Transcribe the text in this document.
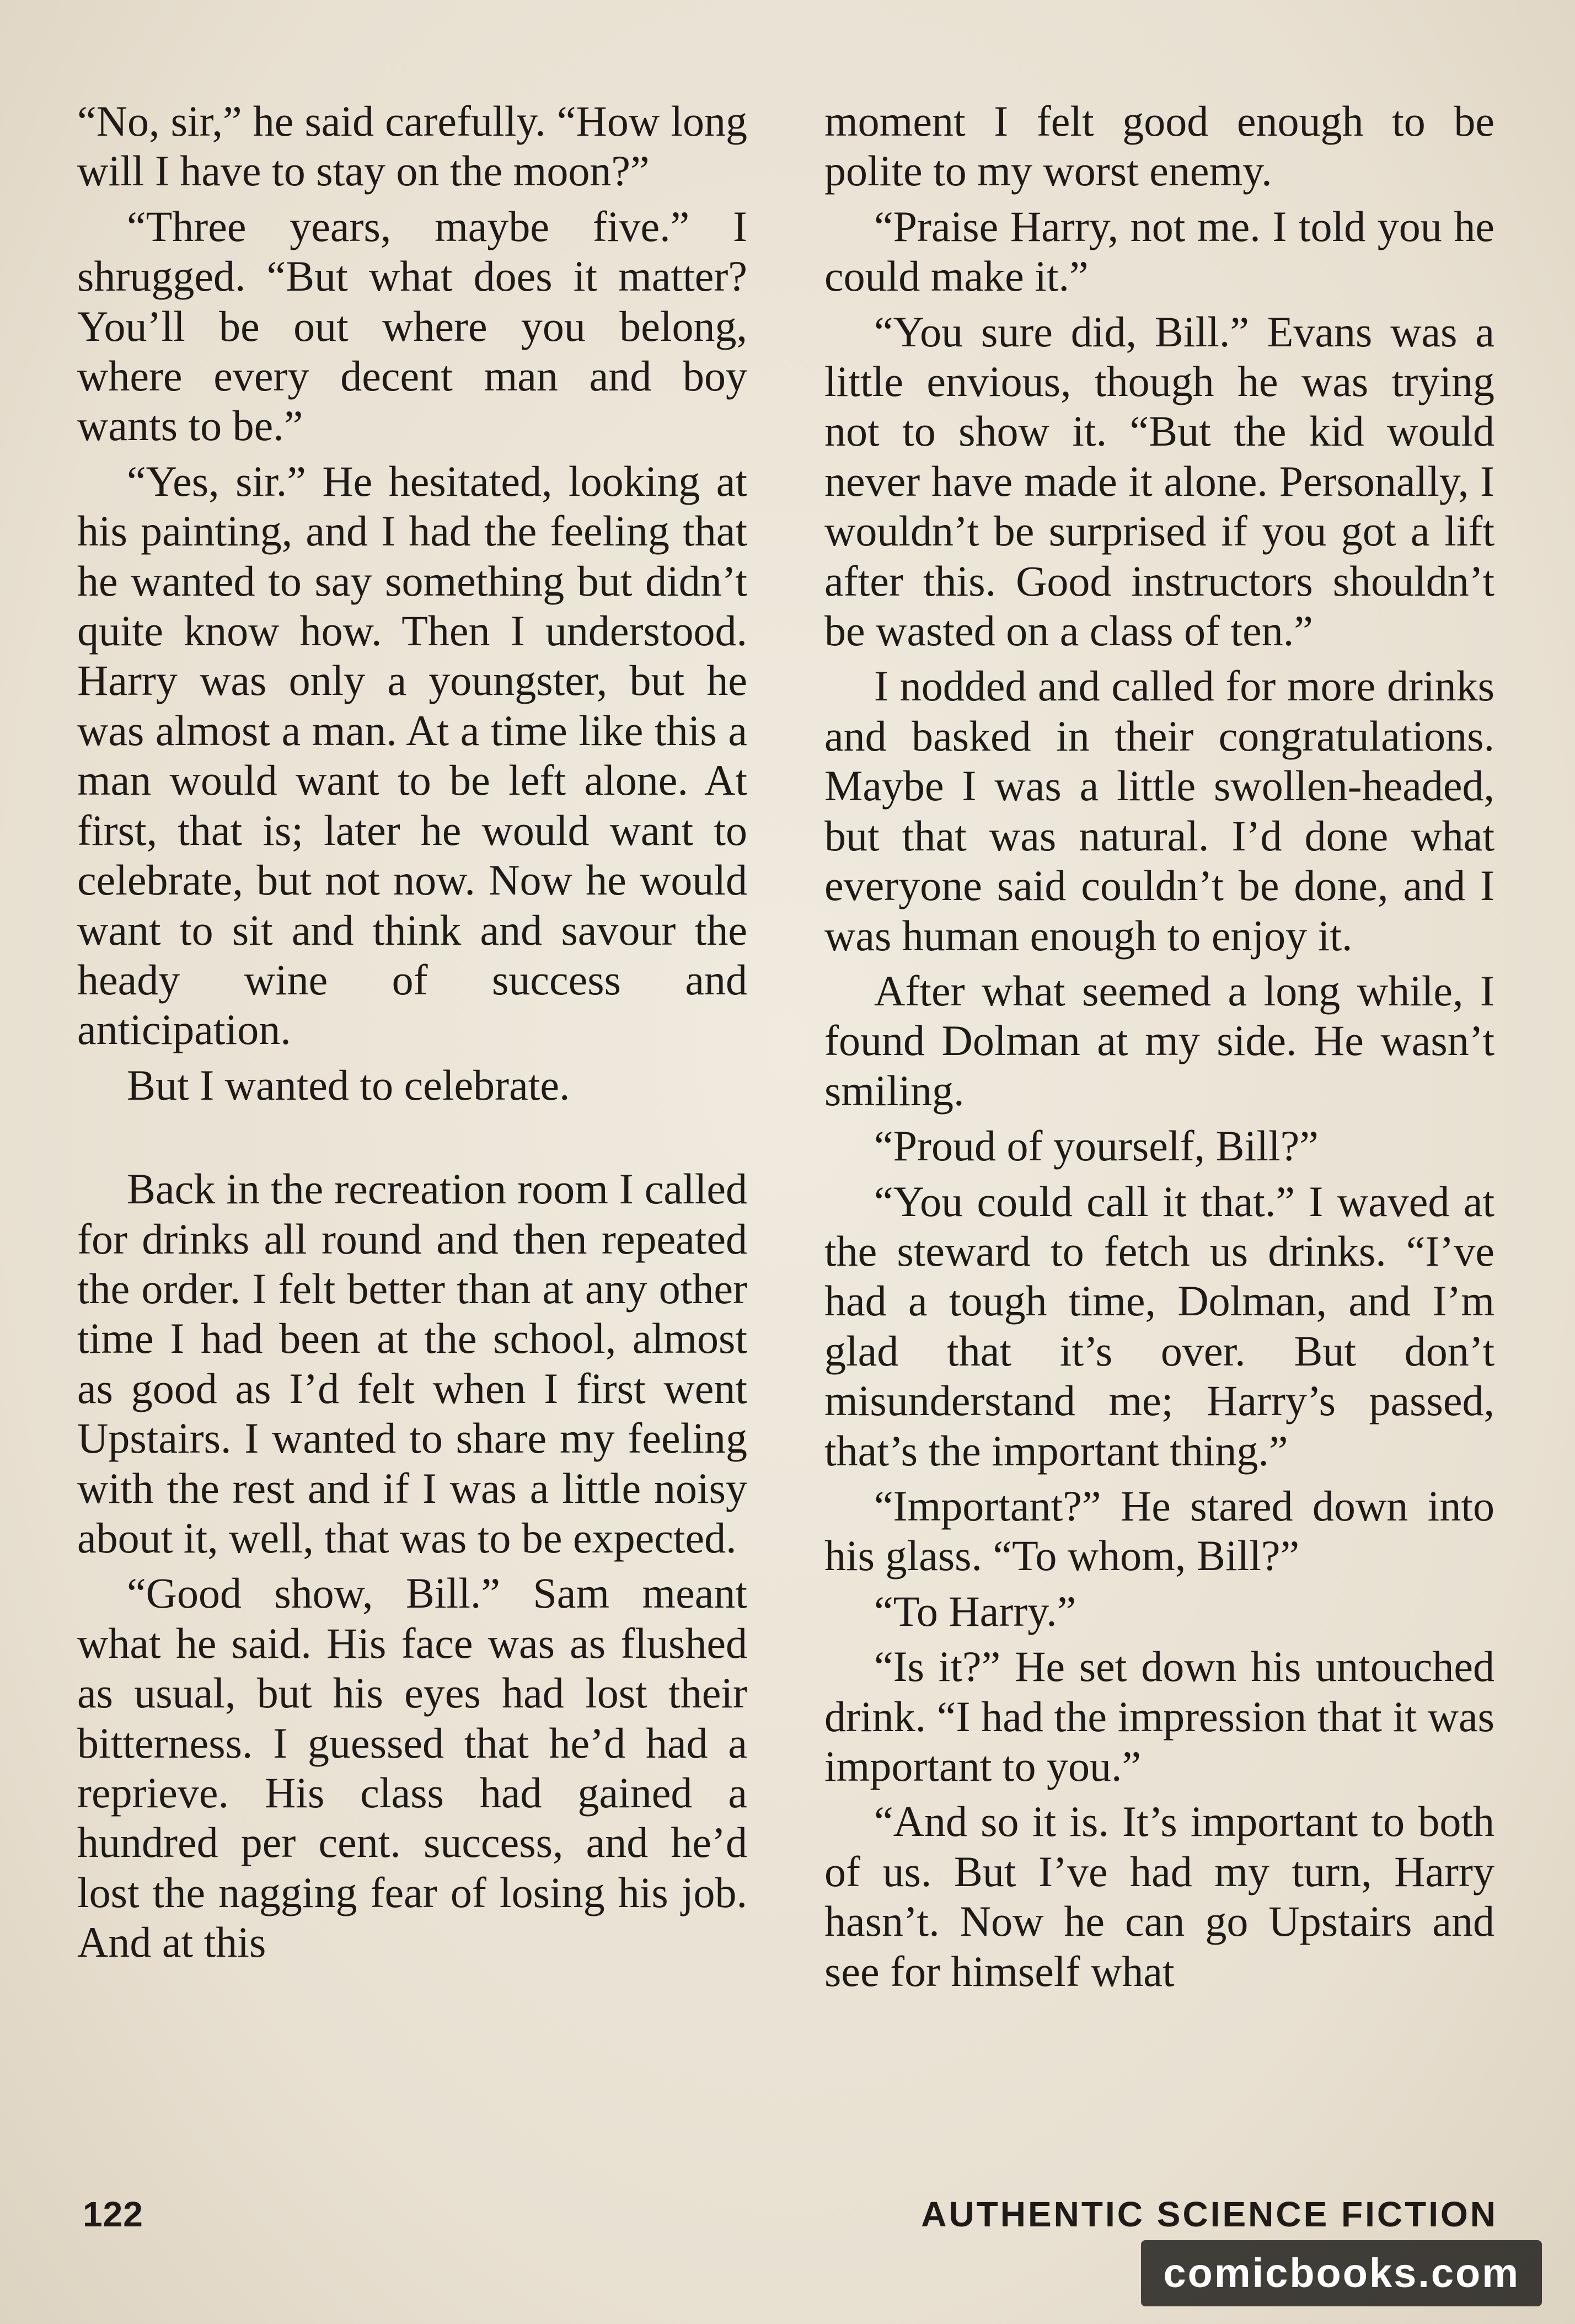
“No, sir,” he said carefully. “How long will I have to stay on the moon?”

“Three years, maybe five.” I shrugged. “But what does it matter? You’ll be out where you belong, where every decent man and boy wants to be.”

“Yes, sir.” He hesitated, looking at his painting, and I had the feeling that he wanted to say something but didn’t quite know how. Then I understood. Harry was only a youngster, but he was almost a man. At a time like this a man would want to be left alone. At first, that is; later he would want to celebrate, but not now. Now he would want to sit and think and savour the heady wine of success and anticipation.

But I wanted to celebrate.

Back in the recreation room I called for drinks all round and then repeated the order. I felt better than at any other time I had been at the school, almost as good as I’d felt when I first went Upstairs. I wanted to share my feeling with the rest and if I was a little noisy about it, well, that was to be expected.

“Good show, Bill.” Sam meant what he said. His face was as flushed as usual, but his eyes had lost their bitterness. I guessed that he’d had a reprieve. His class had gained a hundred per cent. success, and he’d lost the nagging fear of losing his job. And at this

moment I felt good enough to be polite to my worst enemy.

“Praise Harry, not me. I told you he could make it.”

“You sure did, Bill.” Evans was a little envious, though he was trying not to show it. “But the kid would never have made it alone. Personally, I wouldn’t be surprised if you got a lift after this. Good instructors shouldn’t be wasted on a class of ten.”

I nodded and called for more drinks and basked in their congratulations. Maybe I was a little swollen-headed, but that was natural. I’d done what everyone said couldn’t be done, and I was human enough to enjoy it.

After what seemed a long while, I found Dolman at my side. He wasn’t smiling.

“Proud of yourself, Bill?”

“You could call it that.” I waved at the steward to fetch us drinks. “I’ve had a tough time, Dolman, and I’m glad that it’s over. But don’t misunderstand me; Harry’s passed, that’s the important thing.”

“Important?” He stared down into his glass. “To whom, Bill?”

“To Harry.”

“Is it?” He set down his untouched drink. “I had the impression that it was important to you.”

“And so it is. It’s important to both of us. But I’ve had my turn, Harry hasn’t. Now he can go Upstairs and see for himself what

122	AUTHENTIC SCIENCE FICTION
comicbooks.com
